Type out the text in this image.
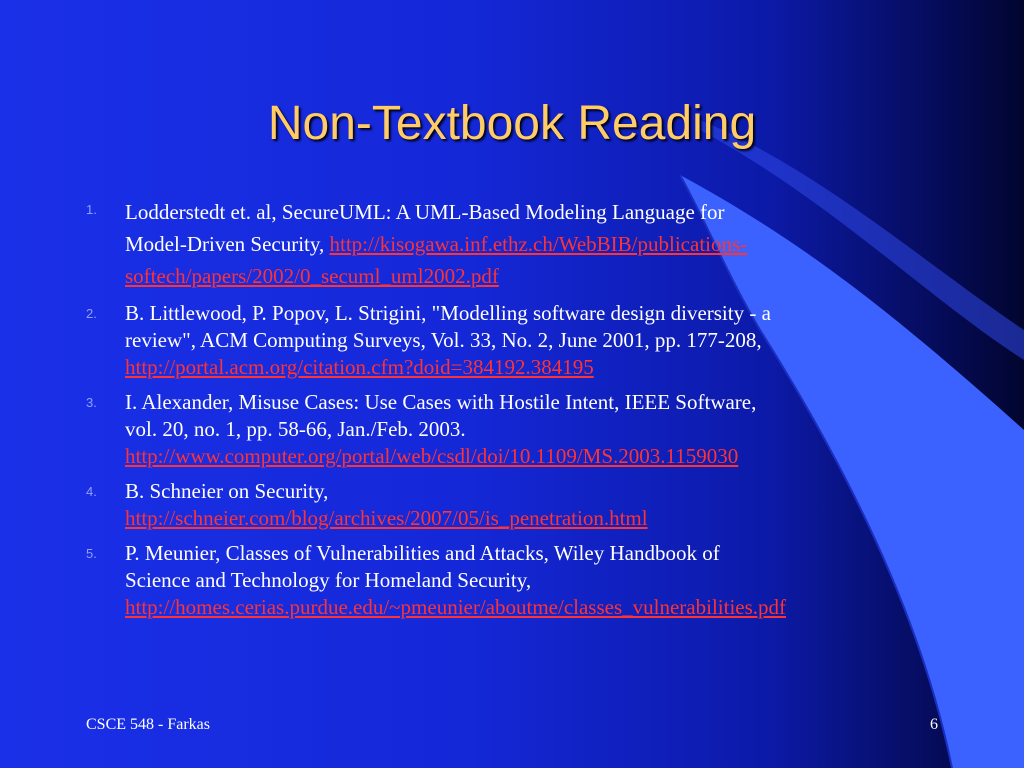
Non-Textbook Reading
1. Lodderstedt et. al, SecureUML: A UML-Based Modeling Language for
Model-Driven Security, http://kisogawa.inf.ethz.ch/WebBIB/publications-
softech/papers/2002/0_secuml_uml2002.pdf
2. B. Littlewood, P. Popov, L. Strigini, "Modelling software design diversity - a
review", ACM Computing Surveys, Vol. 33, No. 2, June 2001, pp. 177-208,
http://portal.acm.org/citation.cfm?doid=384192.384195
3. I. Alexander, Misuse Cases: Use Cases with Hostile Intent, IEEE Software,
vol. 20, no. 1, pp. 58-66, Jan./Feb. 2003.
http://www.computer.org/portal/web/csdl/doi/10.1109/MS.2003.1159030
4. B. Schneier on Security,
http://schneier.com/blog/archives/2007/05/is_penetration.html
5. P. Meunier, Classes of Vulnerabilities and Attacks, Wiley Handbook of
Science and Technology for Homeland Security,
http://homes.cerias.purdue.edu/~pmeunier/aboutme/classes_vulnerabilities.pdf
CSCE 548 - Farkas	6
